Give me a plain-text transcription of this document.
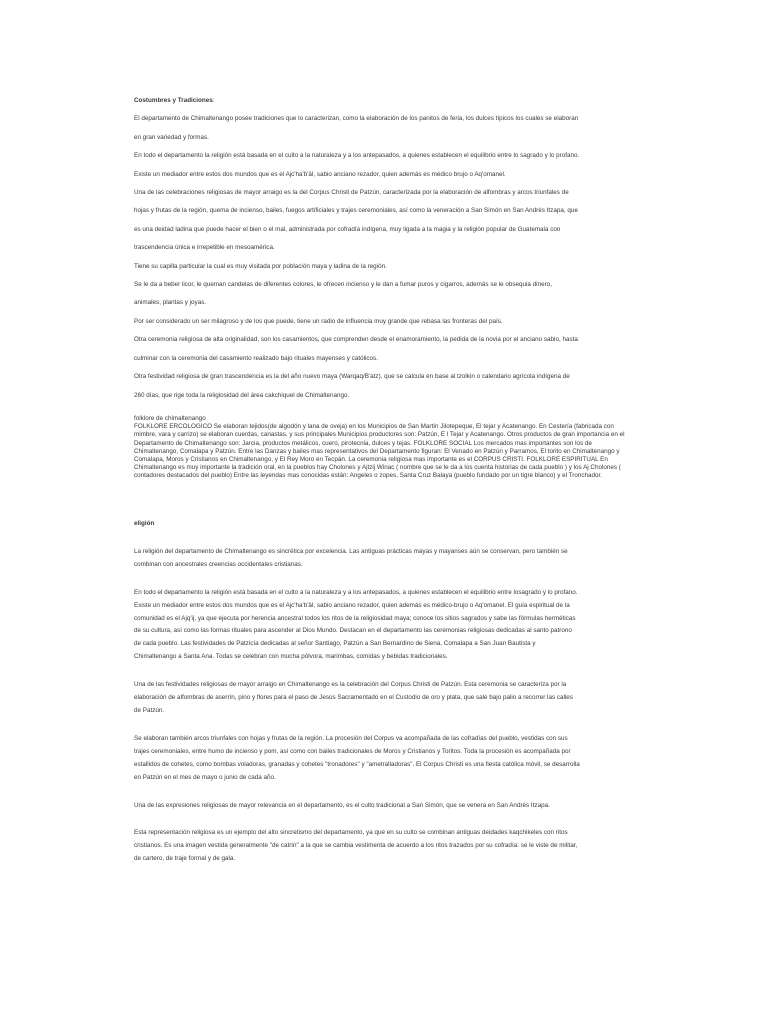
Costumbres y Tradiciones:

El departamento de Chimaltenango posee tradiciones que lo caracterizan, como la elaboración de los panitos de feria, los dulces típicos los cuales se elaboran

en gran variedad y formas.

En todo el departamento la religión está basada en el culto a la naturaleza y a los antepasados, a quienes establecen el equilibrio entre lo sagrado y lo profano.

Existe un mediador entre estos dos mundos que es el Ajc'ha'b'äl, sabio anciano rezador, quien además es médico brujo o Aq'omanel.

Una de las celebraciones religiosas de mayor arraigo es la del Corpus Christi de Patzún, caracterizada por la elaboración de alfombras y arcos triunfales de

hojas y frutas de la región, quema de incienso, bailes, fuegos artificiales y trajes ceremoniales, así como la veneración a San Simón en San Andrés Itzapa, que

es una deidad ladina que puede hacer el bien o el mal, administrada por cofradía indígena, muy ligada a la magia y la religión popular de Guatemala con

trascendencia única e irrepetible en mesoamérica.

Tiene su capilla particular la cual es muy visitada por población maya y ladina de la región.

Se le da a beber licor, le queman candelas de diferentes colores, le ofrecen incienso y le dan a fumar puros y cigarros, además se le obsequia dinero,

animales, plantas y joyas.

Por ser considerado un ser milagroso y de los que puede, tiene un radio de influencia muy grande que rebasa las fronteras del país.

Otra ceremonia religiosa de alta originalidad, son los casamientos, que comprenden desde el enamoramiento, la pedida de la novia por el anciano sabio, hasta

culminar con la ceremonia del casamiento realizado bajo rituales mayenses y católicos.

Otra festividad religiosa de gran trascendencia es la del año nuevo maya (Warqaq/B'atz), que se calcula en base al tzolkin o calendario agrícola indígena de

260 días, que rige toda la religiosidad del área cakchiquel de Chimaltenango.

folklore de chimaltenango
FOLKLORE ERCOLOGICO Se elaboran tejidos(de algodón y lana de oveja) en los Municipios de San Martín Jilotepeque, El tejar y Acatenango. En Cestería (fabricada con mimbre, vara y carrizo) se elaboran cuerdas, canastas, y sus principales Municipios productores son: Patzún, E l Tejar y Acatenango. Otros productos de gran importancia en el Departamento de Chimaltenango son: Jarcia, productos metálicos, cuero, pirotecnia, dulces y tejas. FOLKLORE SOCIAL Los mercados mas importantes son los de Chimaltenango, Comalapa y Patzún. Entre las Danzas y bailes mas representativos del Departamento figuran: El Venado en Patzún y Parramos, El torito en Chimaltenango y Comalapa, Moros y Cristianos en Chimaltenango, y El Rey Moro en Tecpán. La ceremonia religiosa mas importante es el CORPUS CRISTI. FOLKLORE ESPIRITUAL En Chimaltenango es muy importante la tradición oral, en la pueblos hay Cholones y Ajtzij Winac ( nombre que se le da a los cuenta historias de cada pueblo ) y los Aj Cholones ( contadores destacados del pueblo) Entre las leyendas mas conocidas están: Angeles o zopes, Santa Cruz Balaya (pueblo fundado por un tigre blanco) y el Tronchador.

eligión

La religión del departamento de Chimaltenango es sincrética por excelencia. Las antiguas prácticas mayas y mayanses aún se conservan, pero también se

combinan con ancestrales creencias occidentales cristianas.

En todo el departamento la religión está basada en el culto a la naturaleza y a los antepasados, a quienes establecen el equilibrio entre losagrado y lo profano.

Existe un mediador entre estos dos mundos que es el Ajc'ha'b'äl, sabio anciano rezador, quien además es médico-brujo o Aq'omanel. El guía espiritual de la

comunidad es el Ajq'ij, ya que ejecuta por herencia ancestral todos los ritos de la religiosidad maya; conoce los sitios sagrados y sabe las fórmulas herméticas

de su cultura, así como las formas rituales para ascender al Dios Mundo. Destacan en el departamento las ceremonias religiosas dedicadas al santo patrono

de cada pueblo. Las festividades de Patzicía dedicadas al señor Santiago, Patzún a San Bernardino de Siena, Comalapa a San Juan Bautista y

Chimaltenango a Santa Ana. Todas se celebran con mucha pólvora, marimbas, comidas y bebidas tradicionales.

Una de las festividades religiosas de mayor arraigo en Chimaltenango es la celebración del Corpus Christi de Patzún. Esta ceremonia se caracteriza por la

elaboración de alfombras de aserrín, pino y flores para el paso de Jesús Sacramentado en el Custodio de oro y plata, que sale bajo palio a recorrer las calles

de Patzún.

Se elaboran también arcos triunfales con hojas y frutas de la región. La procesión del Corpus va acompañada de las cofradías del pueblo, vestidas con sus

trajes ceremoniales, entre humo de incienso y pom, así como con bailes tradicionales de Moros y Cristianos y Toritos. Toda la procesión es acompañada por

estallidos de cohetes, como bombas voladoras, granadas y cohetes "tronadores" y "ametralladoras". El Corpus Christi es una fiesta católica móvil, se desarrolla

en Patzún en el mes de mayo o junio de cada año.

Una de las expresiones religiosas de mayor relevancia en el departamento, es el culto tradicional a San Simón, que se venera en San Andrés Itzapa.

Esta representación religiosa es un ejemplo del alto sincretismo del departamento, ya que en su culto se combinan antiguas deidades kaqchikeles con ritos

cristianos. Es una imagen vestida generalmente "de catrín" a la que se cambia vestimenta de acuerdo a los ritos trazados por su cofradía: se le viste de militar,

de cartero, de traje formal y de gala.
